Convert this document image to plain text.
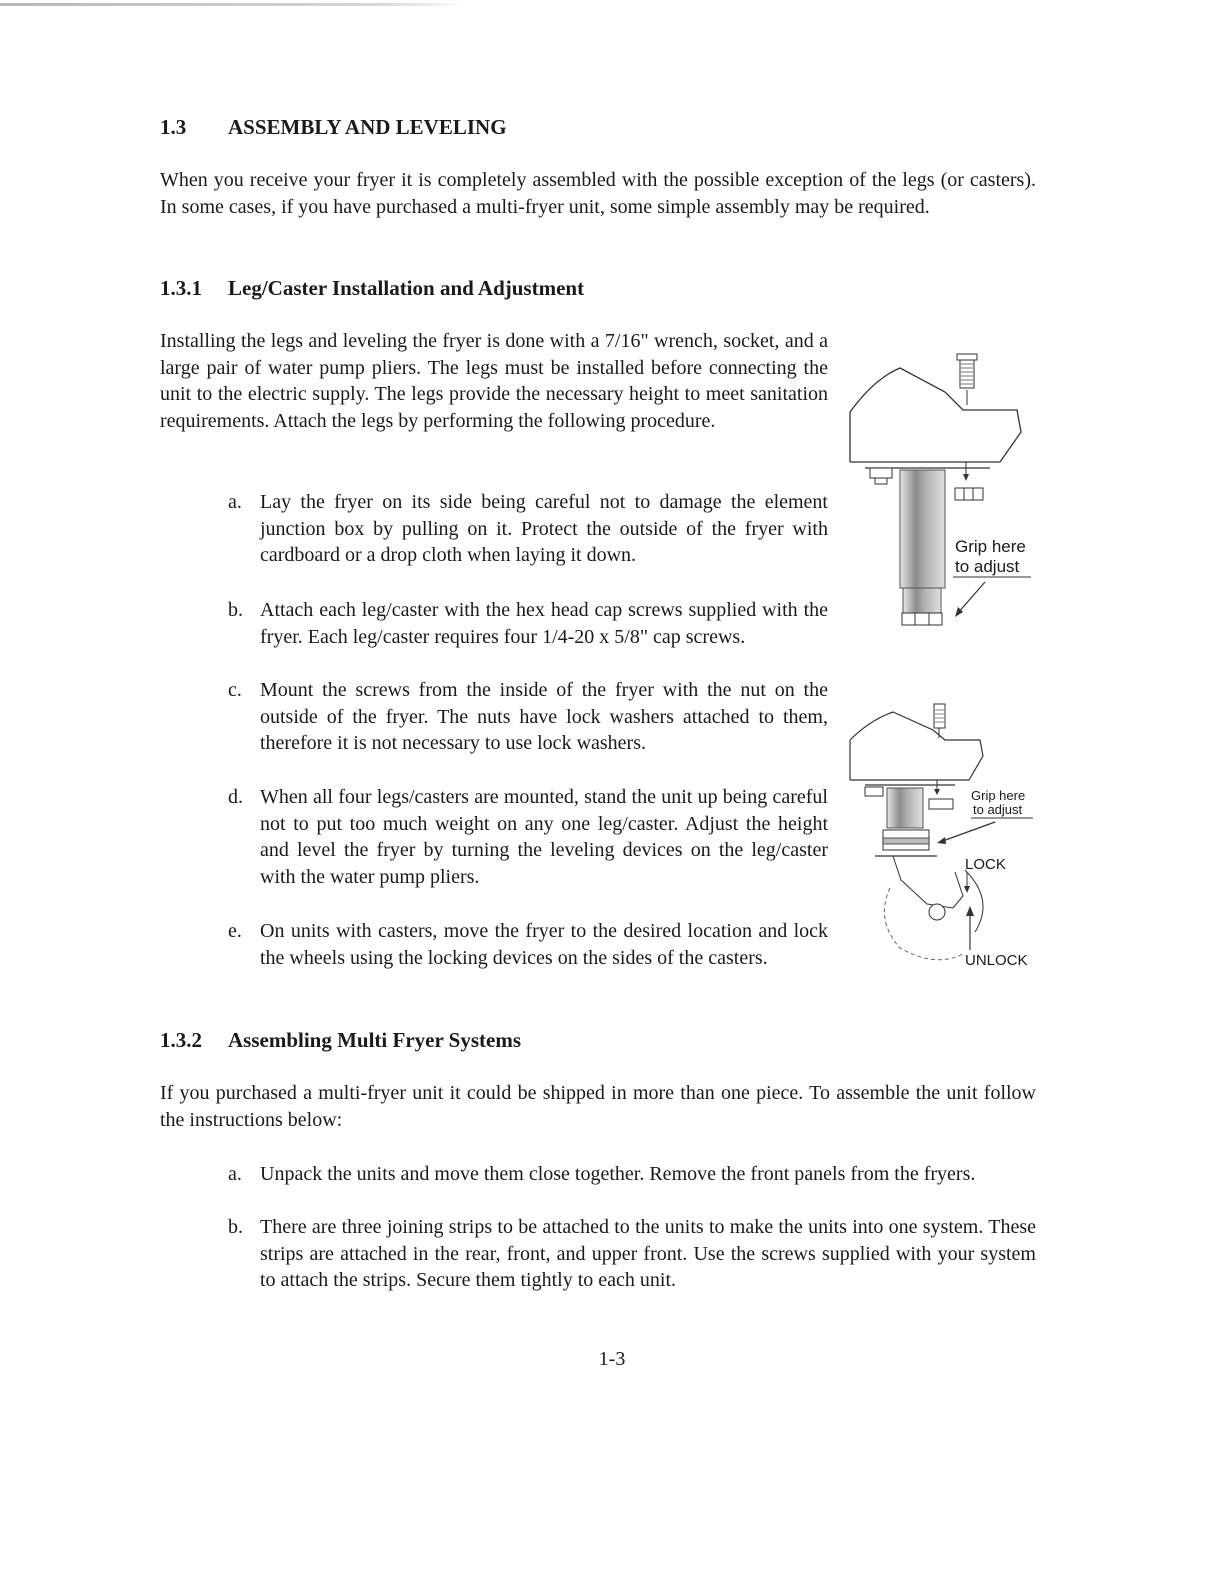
1.3 ASSEMBLY AND LEVELING
When you receive your fryer it is completely assembled with the possible exception of the legs (or casters). In some cases, if you have purchased a multi-fryer unit, some simple assembly may be required.
1.3.1 Leg/Caster Installation and Adjustment
Installing the legs and leveling the fryer is done with a 7/16" wrench, socket, and a large pair of water pump pliers. The legs must be installed before connecting the unit to the electric supply. The legs provide the necessary height to meet sanitation requirements. Attach the legs by performing the following procedure.
a. Lay the fryer on its side being careful not to damage the element junction box by pulling on it. Protect the outside of the fryer with cardboard or a drop cloth when laying it down.
b. Attach each leg/caster with the hex head cap screws supplied with the fryer. Each leg/caster requires four 1/4-20 x 5/8" cap screws.
c. Mount the screws from the inside of the fryer with the nut on the outside of the fryer. The nuts have lock washers attached to them, therefore it is not necessary to use lock washers.
d. When all four legs/casters are mounted, stand the unit up being careful not to put too much weight on any one leg/caster. Adjust the height and level the fryer by turning the leveling devices on the leg/caster with the water pump pliers.
e. On units with casters, move the fryer to the desired location and lock the wheels using the locking devices on the sides of the casters.
Grip here
to adjust
Grip here
to adjust
LOCK
UNLOCK
1.3.2 Assembling Multi Fryer Systems
If you purchased a multi-fryer unit it could be shipped in more than one piece. To assemble the unit follow the instructions below:
a. Unpack the units and move them close together. Remove the front panels from the fryers.
b. There are three joining strips to be attached to the units to make the units into one system. These strips are attached in the rear, front, and upper front. Use the screws supplied with your system to attach the strips. Secure them tightly to each unit.
1-3
